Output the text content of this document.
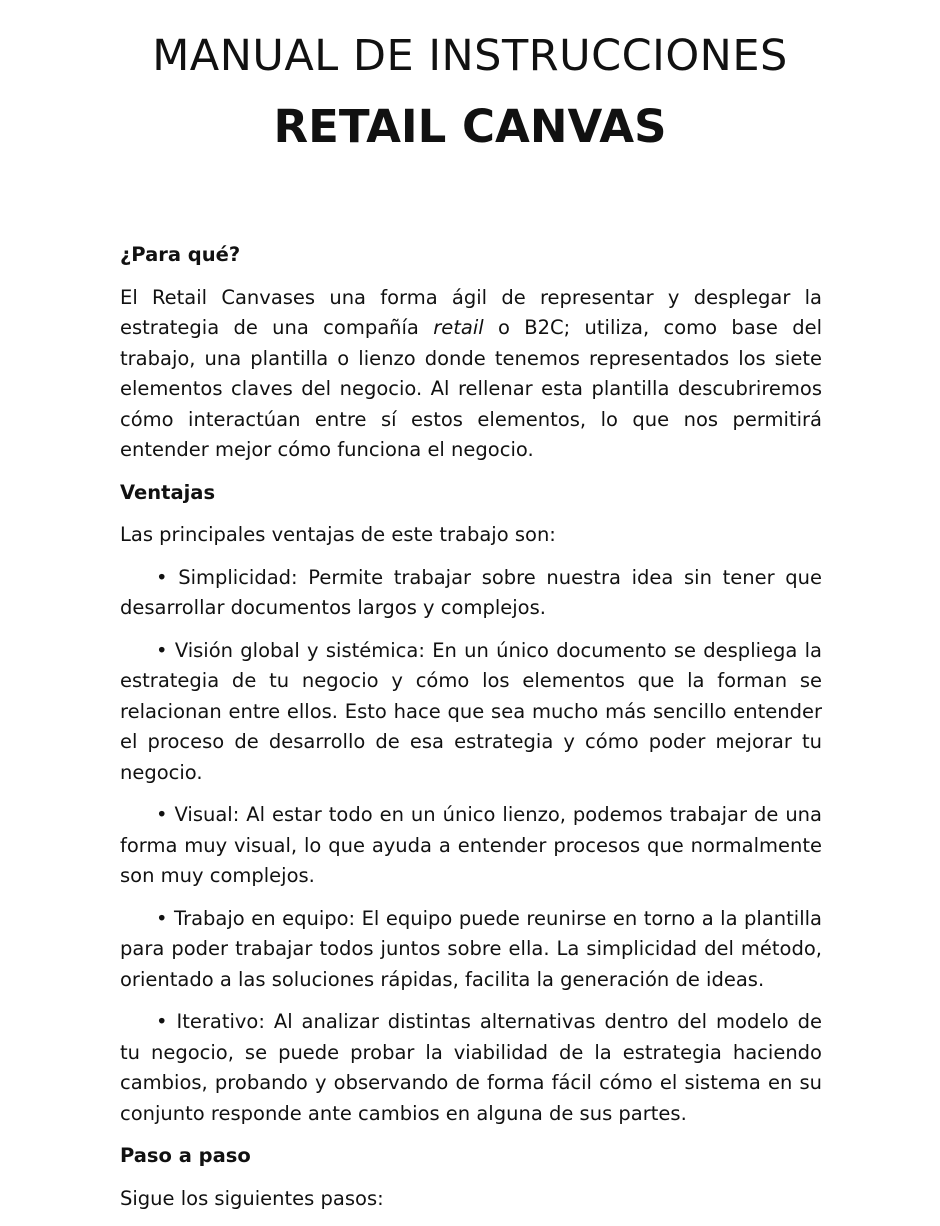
MANUAL DE INSTRUCCIONES
RETAIL CANVAS
¿Para qué?
El Retail Canvases una forma ágil de representar y desplegar la estrategia de una compañía retail o B2C; utiliza, como base del trabajo, una plantilla o lienzo donde tenemos representados los siete elementos claves del negocio. Al rellenar esta plantilla descubriremos cómo interactúan entre sí estos elementos, lo que nos permitirá entender mejor cómo funciona el negocio.
Ventajas
Las principales ventajas de este trabajo son:
• Simplicidad: Permite trabajar sobre nuestra idea sin tener que desarrollar documentos largos y complejos.
• Visión global y sistémica: En un único documento se despliega la estrategia de tu negocio y cómo los elementos que la forman se relacionan entre ellos. Esto hace que sea mucho más sencillo entender el proceso de desarrollo de esa estrategia y cómo poder mejorar tu negocio.
• Visual: Al estar todo en un único lienzo, podemos trabajar de una forma muy visual, lo que ayuda a entender procesos que normalmente son muy complejos.
• Trabajo en equipo: El equipo puede reunirse en torno a la plantilla para poder trabajar todos juntos sobre ella. La simplicidad del método, orientado a las soluciones rápidas, facilita la generación de ideas.
• Iterativo: Al analizar distintas alternativas dentro del modelo de tu negocio, se puede probar la viabilidad de la estrategia haciendo cambios, probando y observando de forma fácil cómo el sistema en su conjunto responde ante cambios en alguna de sus partes.
Paso a paso
Sigue los siguientes pasos:
